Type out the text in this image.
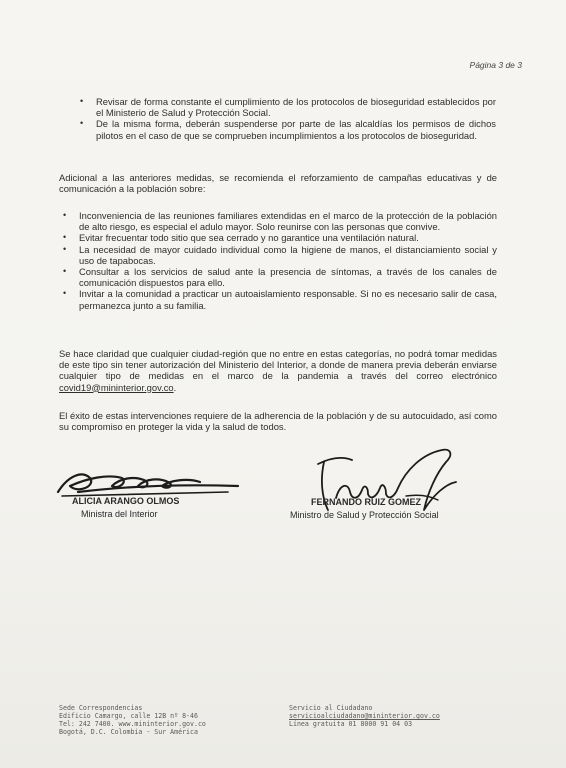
Página 3 de 3
• Revisar de forma constante el cumplimiento de los protocolos de bioseguridad establecidos por el Ministerio de Salud y Protección Social.
• De la misma forma, deberán suspenderse por parte de las alcaldías los permisos de dichos pilotos en el caso de que se comprueben incumplimientos a los protocolos de bioseguridad.

Adicional a las anteriores medidas, se recomienda el reforzamiento de campañas educativas y de comunicación a la población sobre:

• Inconveniencia de las reuniones familiares extendidas en el marco de la protección de la población de alto riesgo, es especial el adulo mayor. Solo reunirse con las personas que convive.
• Evitar frecuentar todo sitio que sea cerrado y no garantice una ventilación natural.
• La necesidad de mayor cuidado individual como la higiene de manos, el distanciamiento social y uso de tapabocas.
• Consultar a los servicios de salud ante la presencia de síntomas, a través de los canales de comunicación dispuestos para ello.
• Invitar a la comunidad a practicar un autoaislamiento responsable. Si no es necesario salir de casa, permanezca junto a su familia.

Se hace claridad que cualquier ciudad-región que no entre en estas categorías, no podrá tomar medidas de este tipo sin tener autorización del Ministerio del Interior, a donde de manera previa deberán enviarse cualquier tipo de medidas en el marco de la pandemia a través del correo electrónico covid19@mininterior.gov.co.

El éxito de estas intervenciones requiere de la adherencia de la población y de su autocuidado, así como su compromiso en proteger la vida y la salud de todos.

ALICIA ARANGO OLMOS
Ministra del Interior
FERNANDO RUIZ GOMEZ
Ministro de Salud y Protección Social
Sede Correspondencias
Edificio Camargo, calle 12B nº 8-46
Tel: 242 7400. www.mininterior.gov.co
Bogotá, D.C. Colombia - Sur América
Servicio al Ciudadano
servicioalciudadano@mininterior.gov.co
Línea gratuita 01 8000 91 04 03
